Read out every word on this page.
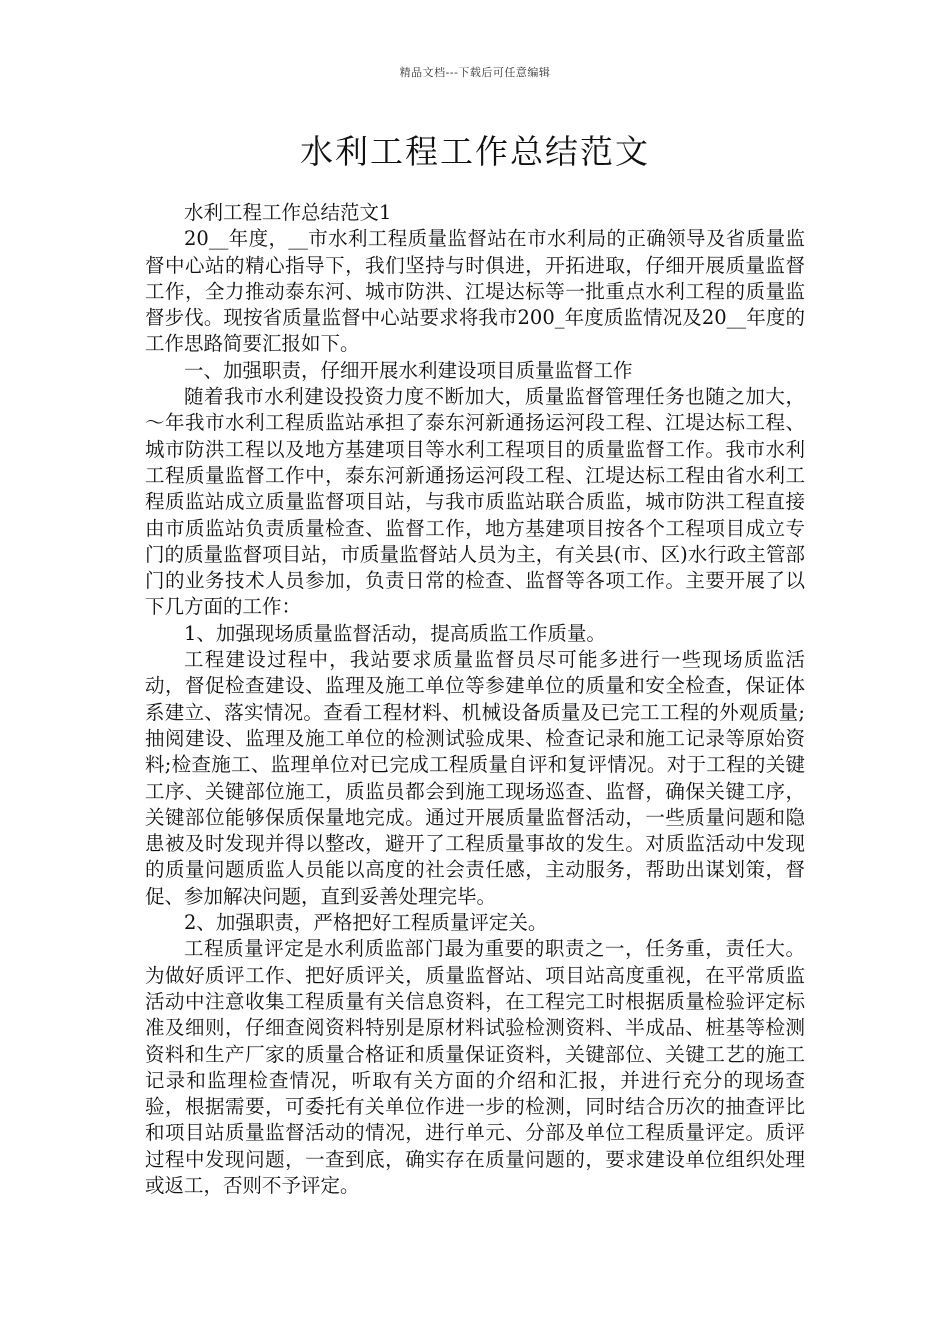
精品文档---下载后可任意编辑
水利工程工作总结范文

水利工程工作总结范文1

20__年度，__市水利工程质量监督站在市水利局的正确领导及省质量监督中心站的精心指导下，我们坚持与时俱进，开拓进取，仔细开展质量监督工作，全力推动泰东河、城市防洪、江堤达标等一批重点水利工程的质量监督步伐。现按省质量监督中心站要求将我市200_年度质监情况及20__年度的工作思路简要汇报如下。

一、加强职责，仔细开展水利建设项目质量监督工作

随着我市水利建设投资力度不断加大，质量监督管理任务也随之加大，～年我市水利工程质监站承担了泰东河新通扬运河段工程、江堤达标工程、城市防洪工程以及地方基建项目等水利工程项目的质量监督工作。我市水利工程质量监督工作中，泰东河新通扬运河段工程、江堤达标工程由省水利工程质监站成立质量监督项目站，与我市质监站联合质监，城市防洪工程直接由市质监站负责质量检查、监督工作，地方基建项目按各个工程项目成立专门的质量监督项目站，市质量监督站人员为主，有关县(市、区)水行政主管部门的业务技术人员参加，负责日常的检查、监督等各项工作。主要开展了以下几方面的工作：

1、加强现场质量监督活动，提高质监工作质量。

工程建设过程中，我站要求质量监督员尽可能多进行一些现场质监活动，督促检查建设、监理及施工单位等参建单位的质量和安全检查，保证体系建立、落实情况。查看工程材料、机械设备质量及已完工工程的外观质量;抽阅建设、监理及施工单位的检测试验成果、检查记录和施工记录等原始资料;检查施工、监理单位对已完成工程质量自评和复评情况。对于工程的关键工序、关键部位施工，质监员都会到施工现场巡查、监督，确保关键工序，关键部位能够保质保量地完成。通过开展质量监督活动，一些质量问题和隐患被及时发现并得以整改，避开了工程质量事故的发生。对质监活动中发现的质量问题质监人员能以高度的社会责任感，主动服务，帮助出谋划策，督促、参加解决问题，直到妥善处理完毕。

2、加强职责，严格把好工程质量评定关。

工程质量评定是水利质监部门最为重要的职责之一，任务重，责任大。为做好质评工作、把好质评关，质量监督站、项目站高度重视，在平常质监活动中注意收集工程质量有关信息资料，在工程完工时根据质量检验评定标准及细则，仔细查阅资料特别是原材料试验检测资料、半成品、桩基等检测资料和生产厂家的质量合格证和质量保证资料，关键部位、关键工艺的施工记录和监理检查情况，听取有关方面的介绍和汇报，并进行充分的现场查验，根据需要，可委托有关单位作进一步的检测，同时结合历次的抽查评比和项目站质量监督活动的情况，进行单元、分部及单位工程质量评定。质评过程中发现问题，一查到底，确实存在质量问题的，要求建设单位组织处理或返工，否则不予评定。
